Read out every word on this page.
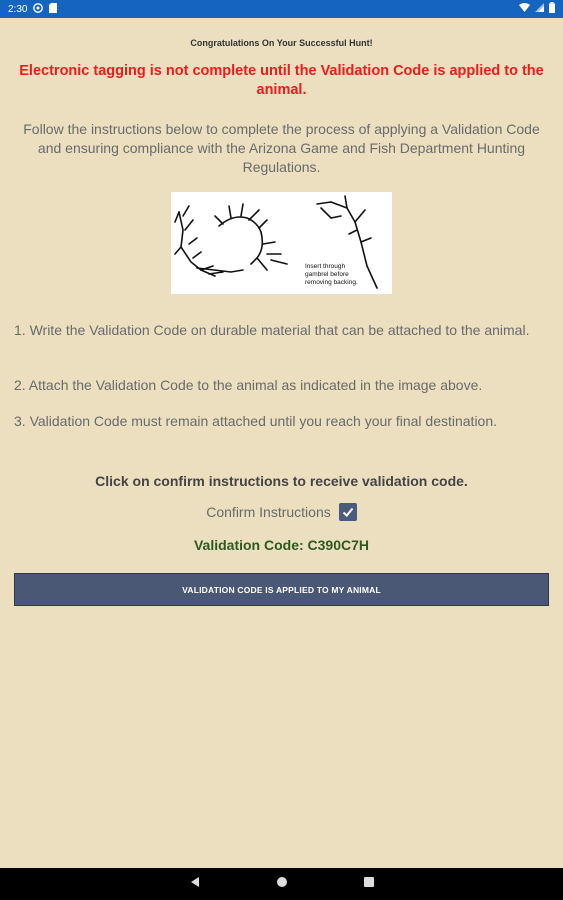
2:30
Congratulations On Your Successful Hunt!
Electronic tagging is not complete until the Validation Code is applied to the animal.
Follow the instructions below to complete the process of applying a Validation Code and ensuring compliance with the Arizona Game and Fish Department Hunting Regulations.
Insert through
gambrel before
removing backing.
1. Write the Validation Code on durable material that can be attached to the animal.
2. Attach the Validation Code to the animal as indicated in the image above.
3. Validation Code must remain attached until you reach your final destination.
Click on confirm instructions to receive validation code.
Confirm Instructions
Validation Code: C390C7H
VALIDATION CODE IS APPLIED TO MY ANIMAL
